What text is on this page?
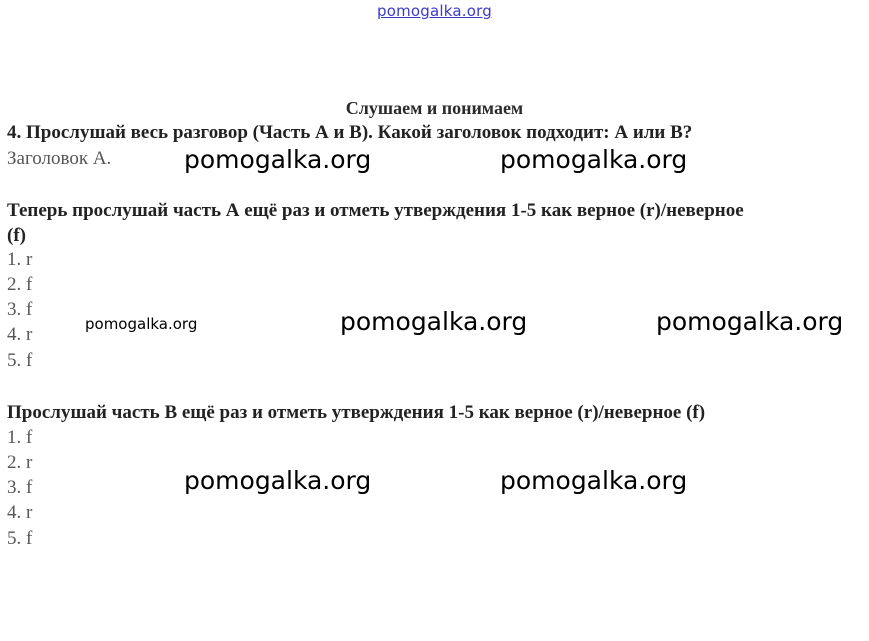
pomogalka.org
Слушаем и понимаем
4. Прослушай весь разговор (Часть А и В). Какой заголовок подходит: А или В?
Заголовок А.
Теперь прослушай часть А ещё раз и отметь утверждения 1-5 как верное (r)/неверное
(f)
1. r
2. f
3. f
4. r
5. f
Прослушай часть В ещё раз и отметь утверждения 1-5 как верное (r)/неверное (f)
1. f
2. r
3. f
4. r
5. f
pomogalka.org	pomogalka.org
pomogalka.org	pomogalka.org	pomogalka.org
pomogalka.org	pomogalka.org
